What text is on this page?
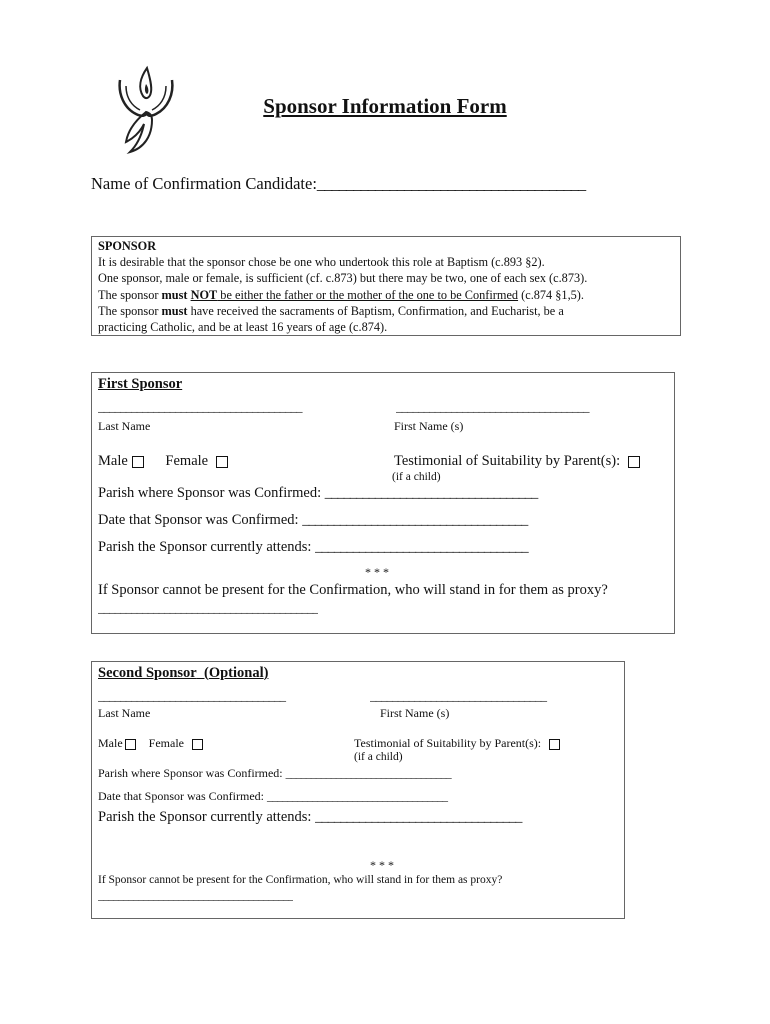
Sponsor Information Form
Name of Confirmation Candidate:_____________________________________
SPONSOR
It is desirable that the sponsor chose be one who undertook this role at Baptism (c.893 §2).
One sponsor, male or female, is sufficient (cf. c.873) but there may be two, one of each sex (c.873).
The sponsor must NOT be either the father or the mother of the one to be Confirmed (c.874 §1,5).
The sponsor must have received the sacraments of Baptism, Confirmation, and Eucharist, be a
practicing Catholic, and be at least 16 years of age (c.874).
First Sponsor
_____________________________________	___________________________________
Last Name	First Name (s)
Male	Female	Testimonial of Suitability by Parent(s):
(if a child)
Parish where Sponsor was Confirmed: __________________________________
Date that Sponsor was Confirmed: ____________________________________
Parish the Sponsor currently attends: __________________________________
* * *
If Sponsor cannot be present for the Confirmation, who will stand in for them as proxy?
________________________________________
Second Sponsor  (Optional)
__________________________________	________________________________
Last Name	First Name (s)
Male Female	Testimonial of Suitability by Parent(s):
(if a child)
Parish where Sponsor was Confirmed: _________________________________
Date that Sponsor was Confirmed: ____________________________________
Parish the Sponsor currently attends: _________________________________
* * *
If Sponsor cannot be present for the Confirmation, who will stand in for them as proxy?
_______________________________________
